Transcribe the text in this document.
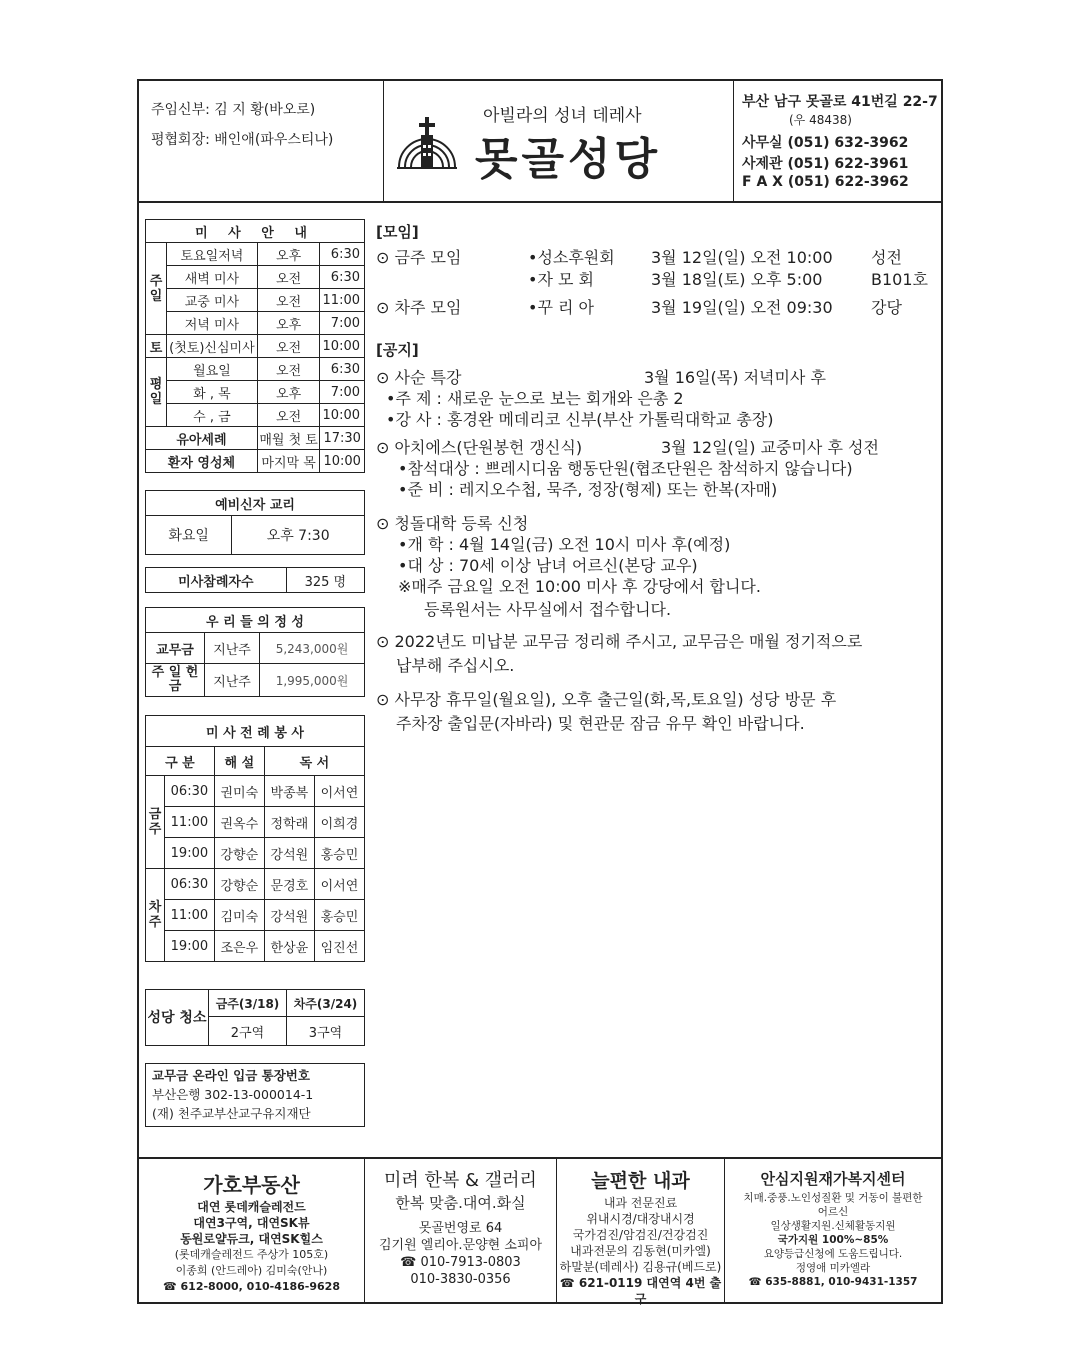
주임신부: 김 지 황(바오로)
평협회장: 배인애(파우스티나)
아빌라의 성녀 데레사
못골성당
부산 남구 못골로 41번길 22-7
(우 48438)
사무실 (051) 632-3962
사제관 (051) 622-3961
F A X (051) 622-3962
미 사 안 내			
주일	토요일저녁	오후	6:30
	새벽 미사	오전	6:30
	교중 미사	오전	11:00
	저녁 미사	오후	7:00
토	(첫토)신심미사	오전	10:00
평일	월요일	오전	6:30
	화 , 목	오후	7:00
	수 , 금	오전	10:00
유아세례		매월 첫 토	17:30
환자 영성체		마지막 목	10:00
예비신자 교리
화요일	오후 7:30
미사참례자수	325 명
우 리 들 의 정 성		
교무금	지난주	5,243,000원
주 일 헌 금	지난주	1,995,000원
미 사 전 례 봉 사				
구 분		해 설	독 서	
금주	06:30	권미숙	박종복	이서연
	11:00	권옥수	정학래	이희경
	19:00	강향순	강석원	홍승민
차주	06:30	강향순	문경호	이서연
	11:00	김미숙	강석원	홍승민
	19:00	조은우	한상윤	임진선
성당 청소	금주(3/18)	차주(3/24)
	2구역	3구역
교무금 온라인 입금 통장번호
부산은행 302-13-000014-1
(재) 천주교부산교구유지재단
[모임]
⊙ 금주 모임	•성소후원회 3월 12일(일) 오전 10:00 성전
•자 모 회	3월 18일(토) 오후 5:00	B101호
⊙ 차주 모임	•꾸 리 아	3월 19일(일) 오전 09:30 강당
[공지]
⊙ 사순 특강	3월 16일(목) 저녁미사 후
•주 제 : 새로운 눈으로 보는 회개와 은총 2
•강 사 : 홍경완 메데리코 신부(부산 가톨릭대학교 총장)
⊙ 아치에스(단원봉헌 갱신식)	3월 12일(일) 교중미사 후 성전
•참석대상 : 쁘레시디움 행동단원(협조단원은 참석하지 않습니다)
•준 비 : 레지오수첩, 묵주, 정장(형제) 또는 한복(자매)
⊙ 청돌대학 등록 신청
•개 학 : 4월 14일(금) 오전 10시 미사 후(예정)
•대 상 : 70세 이상 남녀 어르신(본당 교우)
※매주 금요일 오전 10:00 미사 후 강당에서 합니다.
등록원서는 사무실에서 접수합니다.
⊙ 2022년도 미납분 교무금 정리해 주시고, 교무금은 매월 정기적으로
납부해 주십시오.
⊙ 사무장 휴무일(월요일), 오후 출근일(화,목,토요일) 성당 방문 후
주차장 출입문(자바라) 및 현관문 잠금 유무 확인 바랍니다.
가호부동산
대연 롯데캐슬레전드
대연3구역, 대연SK뷰
동원로얄듀크, 대연SK힐스
(롯데캐슬레전드 주상가 105호)
이종희 (안드레아) 김미숙(안나)
☎ 612-8000, 010-4186-9628
미려 한복 & 갤러리
한복 맞춤.대여.화실
못골번영로 64
김기원 엘리아.문양현 소피아
☎ 010-7913-0803
010-3830-0356
늘편한 내과
내과 전문진료
위내시경/대장내시경
국가검진/암검진/건강검진
내과전문의 김동현(미카엘)
하말분(데레사) 김용규(베드로)
☎ 621-0119 대연역 4번 출구
안심지원재가복지센터
치매.중풍.노인성질환 및 거동이 불편한
어르신
일상생활지원.신체활동지원
국가지원 100%~85%
요양등급신청에 도움드립니다.
정영애 미카엘라
☎ 635-8881, 010-9431-1357
